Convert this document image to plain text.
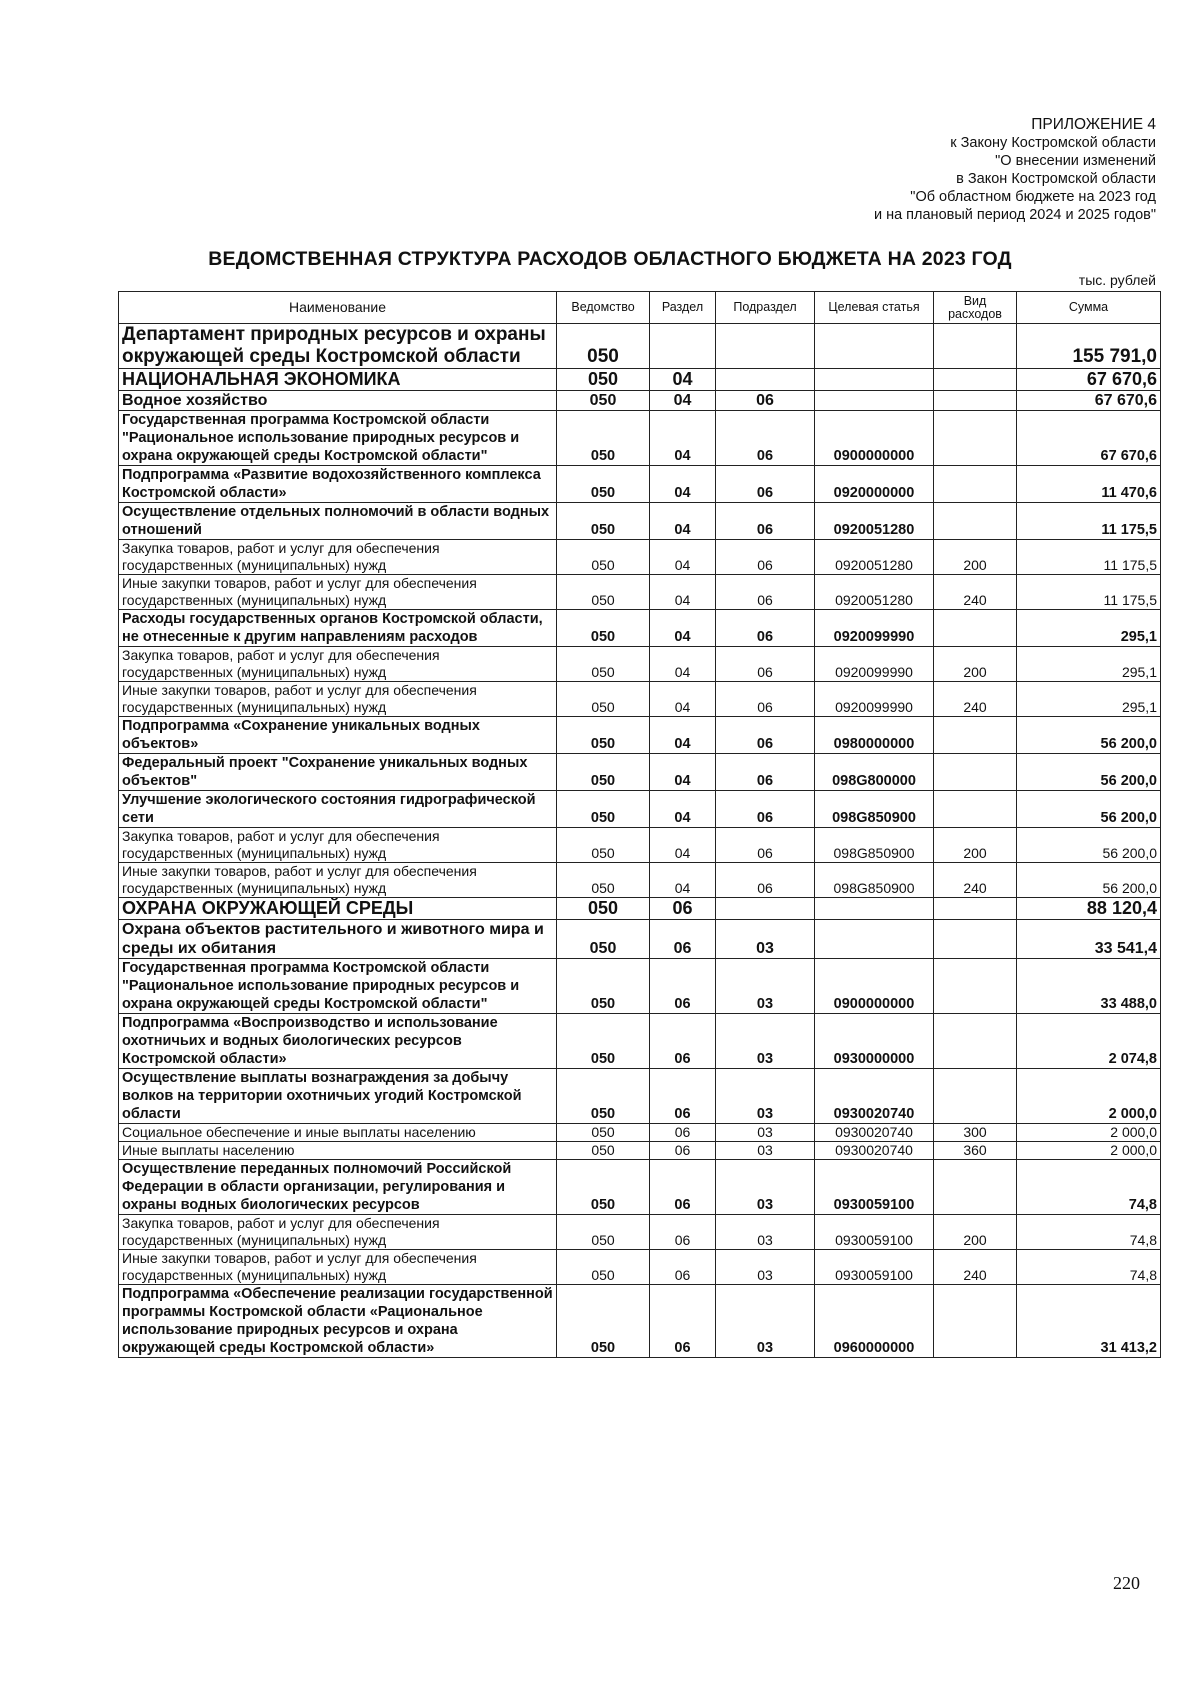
ПРИЛОЖЕНИЕ 4
к Закону Костромской области
"О внесении изменений
в Закон Костромской области
"Об областном бюджете на 2023 год
и на плановый период 2024 и 2025 годов"
ВЕДОМСТВЕННАЯ СТРУКТУРА РАСХОДОВ ОБЛАСТНОГО БЮДЖЕТА НА 2023 ГОД
тыс. рублей
Наименование	Ведомство	Раздел	Подраздел	Целевая статья	Вид расходов	Сумма
Департамент природных ресурсов и охраны окружающей среды Костромской области	050					155 791,0
НАЦИОНАЛЬНАЯ ЭКОНОМИКА	050	04				67 670,6
Водное хозяйство	050	04	06			67 670,6
Государственная программа Костромской области "Рациональное использование природных ресурсов и охрана окружающей среды Костромской области"	050	04	06	0900000000		67 670,6
Подпрограмма «Развитие водохозяйственного комплекса Костромской области»	050	04	06	0920000000		11 470,6
Осуществление отдельных полномочий в области водных отношений	050	04	06	0920051280		11 175,5
Закупка товаров, работ и услуг для обеспечения государственных (муниципальных) нужд	050	04	06	0920051280	200	11 175,5
Иные закупки товаров, работ и услуг для обеспечения государственных (муниципальных) нужд	050	04	06	0920051280	240	11 175,5
Расходы государственных органов Костромской области, не отнесенные к другим направлениям расходов	050	04	06	0920099990		295,1
Закупка товаров, работ и услуг для обеспечения государственных (муниципальных) нужд	050	04	06	0920099990	200	295,1
Иные закупки товаров, работ и услуг для обеспечения государственных (муниципальных) нужд	050	04	06	0920099990	240	295,1
Подпрограмма «Сохранение уникальных водных объектов»	050	04	06	0980000000		56 200,0
Федеральный проект "Сохранение уникальных водных объектов"	050	04	06	098G800000		56 200,0
Улучшение экологического состояния гидрографической сети	050	04	06	098G850900		56 200,0
Закупка товаров, работ и услуг для обеспечения государственных (муниципальных) нужд	050	04	06	098G850900	200	56 200,0
Иные закупки товаров, работ и услуг для обеспечения государственных (муниципальных) нужд	050	04	06	098G850900	240	56 200,0
ОХРАНА ОКРУЖАЮЩЕЙ СРЕДЫ	050	06				88 120,4
Охрана объектов растительного и животного мира и среды их обитания	050	06	03			33 541,4
Государственная программа Костромской области "Рациональное использование природных ресурсов и охрана окружающей среды Костромской области"	050	06	03	0900000000		33 488,0
Подпрограмма «Воспроизводство и использование охотничьих и водных биологических ресурсов Костромской области»	050	06	03	0930000000		2 074,8
Осуществление выплаты вознаграждения за добычу волков на территории охотничьих угодий Костромской области	050	06	03	0930020740		2 000,0
Социальное обеспечение и иные выплаты населению	050	06	03	0930020740	300	2 000,0
Иные выплаты населению	050	06	03	0930020740	360	2 000,0
Осуществление переданных полномочий Российской Федерации в области организации, регулирования и охраны водных биологических ресурсов	050	06	03	0930059100		74,8
Закупка товаров, работ и услуг для обеспечения государственных (муниципальных) нужд	050	06	03	0930059100	200	74,8
Иные закупки товаров, работ и услуг для обеспечения государственных (муниципальных) нужд	050	06	03	0930059100	240	74,8
Подпрограмма «Обеспечение реализации государственной программы Костромской области «Рациональное использование природных ресурсов и охрана окружающей среды Костромской области»	050	06	03	0960000000		31 413,2
220
